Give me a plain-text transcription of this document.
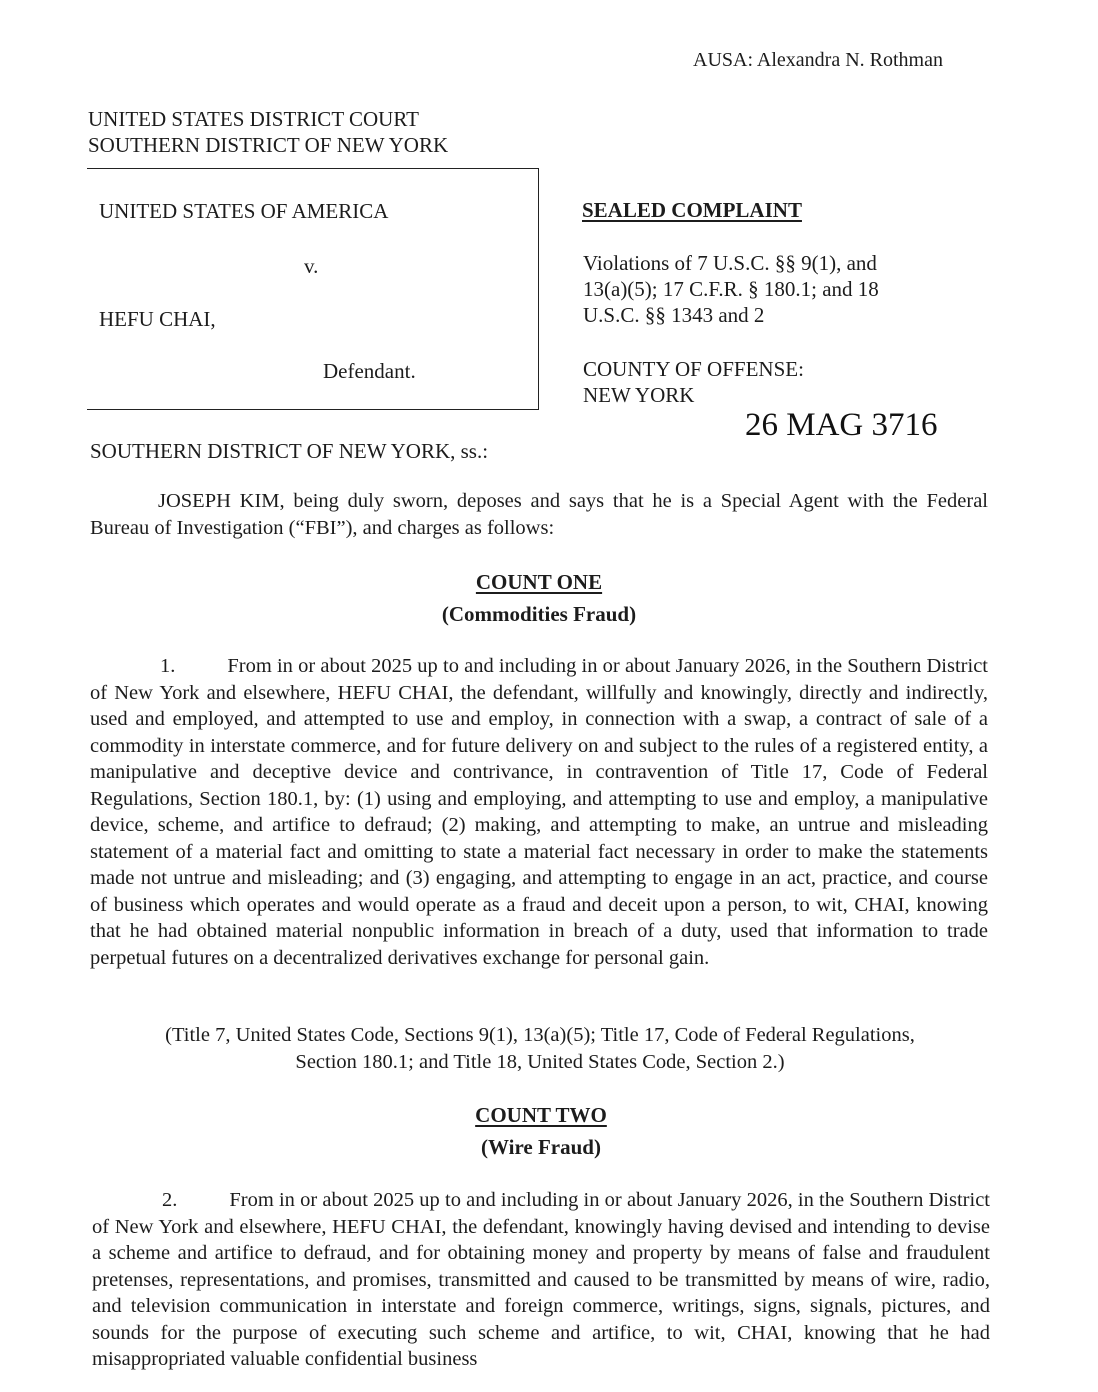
AUSA: Alexandra N. Rothman
UNITED STATES DISTRICT COURT
SOUTHERN DISTRICT OF NEW YORK
UNITED STATES OF AMERICA
v.
HEFU CHAI,
Defendant.
SEALED COMPLAINT
Violations of 7 U.S.C. §§ 9(1), and
13(a)(5); 17 C.F.R. § 180.1; and 18
U.S.C. §§ 1343 and 2
COUNTY OF OFFENSE:
NEW YORK
26 MAG 3716
SOUTHERN DISTRICT OF NEW YORK, ss.:
JOSEPH KIM, being duly sworn, deposes and says that he is a Special Agent with the Federal Bureau of Investigation (“FBI”), and charges as follows:
COUNT ONE
(Commodities Fraud)
1.	From in or about 2025 up to and including in or about January 2026, in the Southern District of New York and elsewhere, HEFU CHAI, the defendant, willfully and knowingly, directly and indirectly, used and employed, and attempted to use and employ, in connection with a swap, a contract of sale of a commodity in interstate commerce, and for future delivery on and subject to the rules of a registered entity, a manipulative and deceptive device and contrivance, in contravention of Title 17, Code of Federal Regulations, Section 180.1, by: (1) using and employing, and attempting to use and employ, a manipulative device, scheme, and artifice to defraud; (2) making, and attempting to make, an untrue and misleading statement of a material fact and omitting to state a material fact necessary in order to make the statements made not untrue and misleading; and (3) engaging, and attempting to engage in an act, practice, and course of business which operates and would operate as a fraud and deceit upon a person, to wit, CHAI, knowing that he had obtained material nonpublic information in breach of a duty, used that information to trade perpetual futures on a decentralized derivatives exchange for personal gain.
(Title 7, United States Code, Sections 9(1), 13(a)(5); Title 17, Code of Federal Regulations,
Section 180.1; and Title 18, United States Code, Section 2.)
COUNT TWO
(Wire Fraud)
2.	From in or about 2025 up to and including in or about January 2026, in the Southern District of New York and elsewhere, HEFU CHAI, the defendant, knowingly having devised and intending to devise a scheme and artifice to defraud, and for obtaining money and property by means of false and fraudulent pretenses, representations, and promises, transmitted and caused to be transmitted by means of wire, radio, and television communication in interstate and foreign commerce, writings, signs, signals, pictures, and sounds for the purpose of executing such scheme and artifice, to wit, CHAI, knowing that he had misappropriated valuable confidential business
